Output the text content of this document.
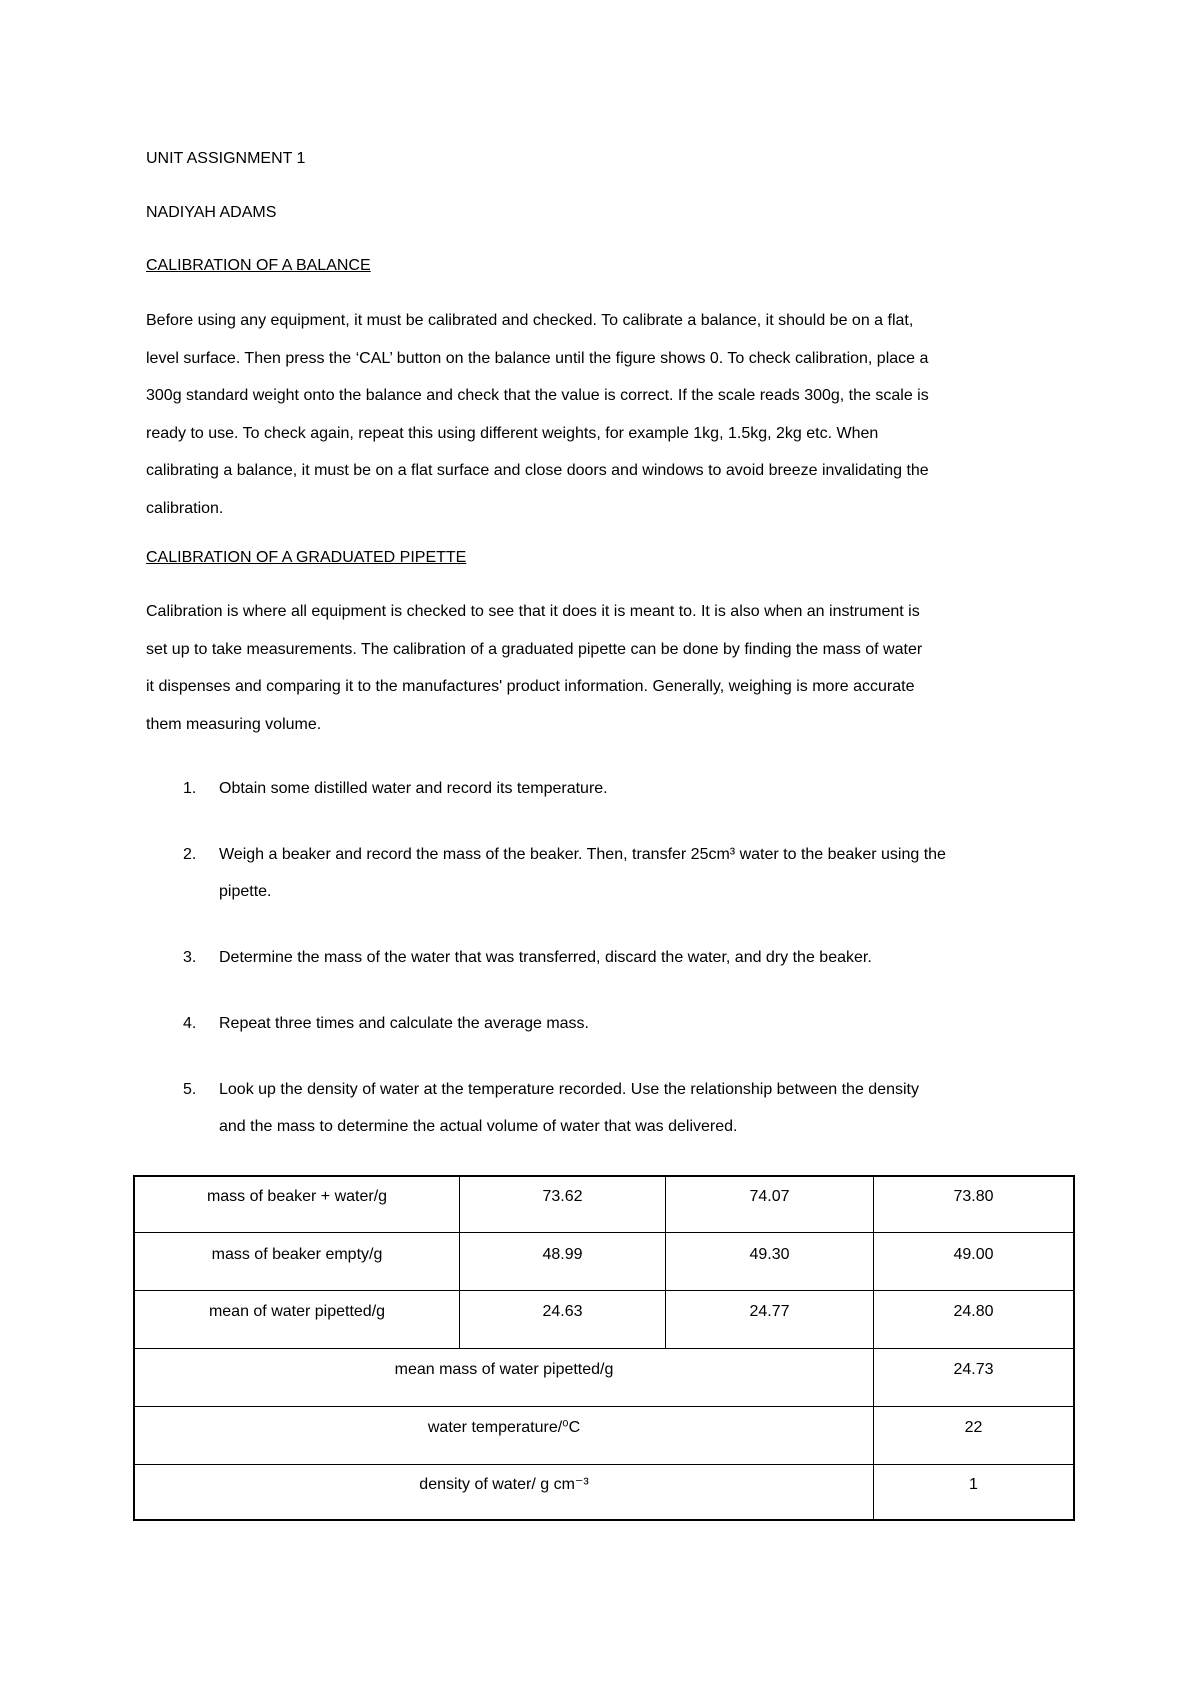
UNIT ASSIGNMENT 1
NADIYAH ADAMS
CALIBRATION OF A BALANCE

Before using any equipment, it must be calibrated and checked. To calibrate a balance, it should be on a flat,

level surface. Then press the ‘CAL’ button on the balance until the figure shows 0. To check calibration, place a

300g standard weight onto the balance and check that the value is correct. If the scale reads 300g, the scale is

ready to use. To check again, repeat this using different weights, for example 1kg, 1.5kg, 2kg etc. When

calibrating a balance, it must be on a flat surface and close doors and windows to avoid breeze invalidating the

calibration.

CALIBRATION OF A GRADUATED PIPETTE

Calibration is where all equipment is checked to see that it does it is meant to. It is also when an instrument is

set up to take measurements. The calibration of a graduated pipette can be done by finding the mass of water

it dispenses and comparing it to the manufactures' product information. Generally, weighing is more accurate

them measuring volume.

1. Obtain some distilled water and record its temperature.
2. Weigh a beaker and record the mass of the beaker. Then, transfer 25cm³ water to the beaker using the
pipette.
3. Determine the mass of the water that was transferred, discard the water, and dry the beaker.
4. Repeat three times and calculate the average mass.
5. Look up the density of water at the temperature recorded. Use the relationship between the density
and the mass to determine the actual volume of water that was delivered.
mass of beaker + water/g	73.62	74.07	73.80
mass of beaker empty/g	48.99	49.30	49.00
mean of water pipetted/g	24.63	24.77	24.80
mean mass of water pipetted/g	24.73
water temperature/⁰C	22
density of water/ g cm⁻³	1
